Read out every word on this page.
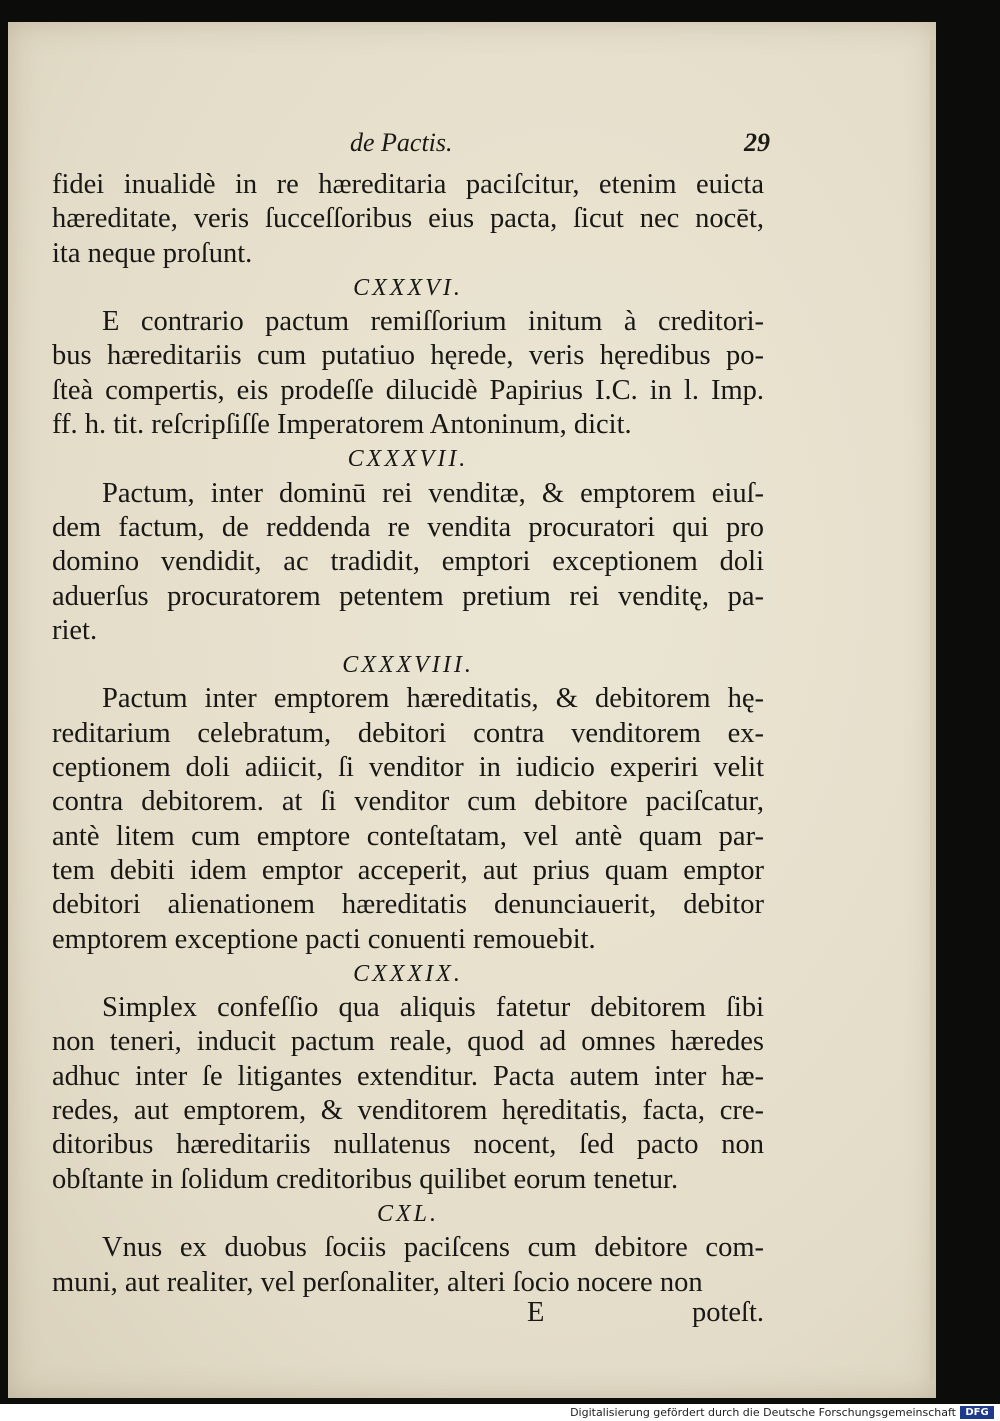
de Pactis.	29
fidei inualidè in re hæreditaria paciſcitur, etenim euicta
hæreditate, veris ſucceſſoribus eius pacta, ſicut nec nocēt,
ita neque proſunt.
CXXXVI.
E contrario pactum remiſſorium initum à creditori-
bus hæreditariis cum putatiuo hęrede, veris hęredibus po-
ſteà compertis, eis prodeſſe dilucidè Papirius I.C. in l. Imp.
ff. h. tit. reſcripſiſſe Imperatorem Antoninum, dicit.
CXXXVII.
Pactum, inter dominū rei venditæ, & emptorem eiuſ-
dem factum, de reddenda re vendita procuratori qui pro
domino vendidit, ac tradidit, emptori exceptionem doli
aduerſus procuratorem petentem pretium rei venditę, pa-
riet.
CXXXVIII.
Pactum inter emptorem hæreditatis, & debitorem hę-
reditarium celebratum, debitori contra venditorem ex-
ceptionem doli adiicit, ſi venditor in iudicio experiri velit
contra debitorem. at ſi venditor cum debitore paciſcatur,
antè litem cum emptore conteſtatam, vel antè quam par-
tem debiti idem emptor acceperit, aut prius quam emptor
debitori alienationem hæreditatis denunciauerit, debitor
emptorem exceptione pacti conuenti remouebit.
CXXXIX.
Simplex confeſſio qua aliquis fatetur debitorem ſibi
non teneri, inducit pactum reale, quod ad omnes hæredes
adhuc inter ſe litigantes extenditur. Pacta autem inter hæ-
redes, aut emptorem, & venditorem hęreditatis, facta, cre-
ditoribus hæreditariis nullatenus nocent, ſed pacto non
obſtante in ſolidum creditoribus quilibet eorum tenetur.
CXL.
Vnus ex duobus ſociis paciſcens cum debitore com-
muni, aut realiter, vel perſonaliter, alteri ſocio nocere non
E	poteſt.
Digitalisierung gefördert durch die Deutsche Forschungsgemeinschaft DFG
